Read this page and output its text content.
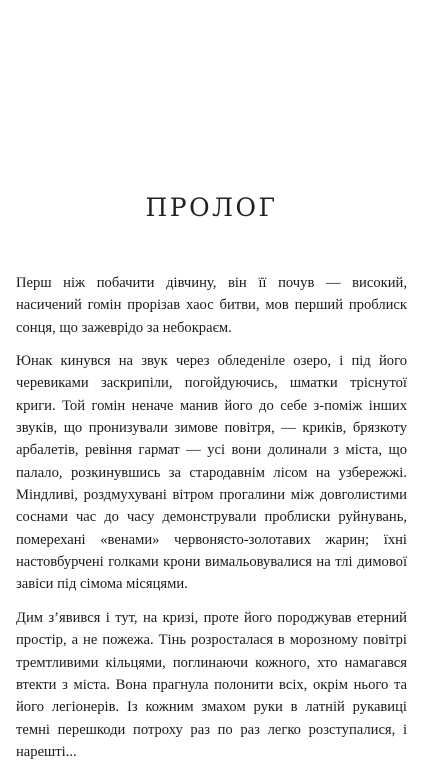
ПРОЛОГ

Перш ніж побачити дівчину, він її почув — високий, насичений гомін прорізав хаос битви, мов перший проблиск сонця, що зажеврідо за небокраєм.

Юнак кинувся на звук через обледеніле озеро, і під його черевиками заскрипіли, погойдуючись, шматки тріснутої криги. Той гомін неначе манив його до себе з-поміж інших звуків, що пронизували зимове повітря, — криків, брязкоту арбалетів, ревіння гармат — усі вони долинали з міста, що палало, розкинувшись за стародавнім лісом на узбережжі. Міндливі, роздмухувані вітром прогалини між довголистими соснами час до часу демонстрували проблиски руйнувань, померехані «венами» червонясто-золотавих жарин; їхні настовбурчені голками крони вимальовувалися на тлі димової завіси під сімома місяцями.

Дим з’явився і тут, на кризі, проте його породжував етерний простір, а не пожежа. Тінь розросталася в морозному повітрі тремтливими кільцями, поглинаючи кожного, хто намагався втекти з міста. Вона прагнула полонити всіх, окрім нього та його легіонерів. Із кожним змахом руки в латній рукавиці темні перешкоди потроху раз по раз легко розступалися, і нарешті...
